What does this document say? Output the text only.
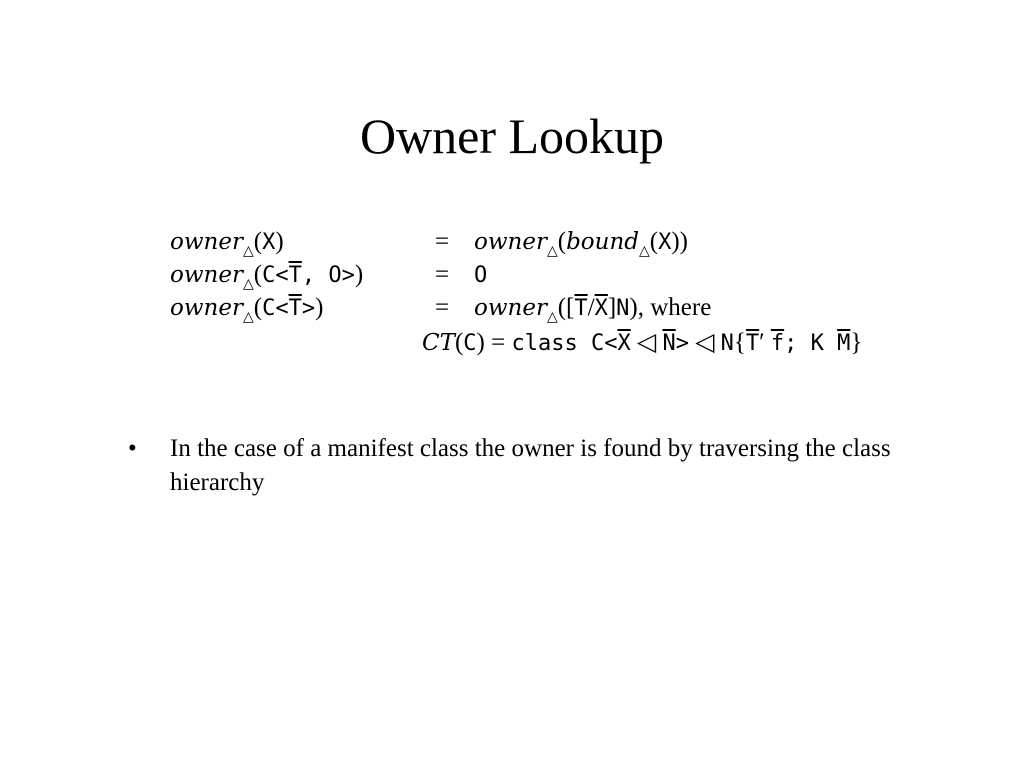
Owner Lookup
owner$_\triangle$(X)	=	owner$_\triangle$(bound$_\triangle$(X))
$owner_\triangle(C<\overline{T}$, O>)	=	O
$owner_\triangle(C<\overline{T}>)$	=	$owner_\triangle([\overline{T}/\overline{X}]N)$, where
CT(C) = class $C<\overline{X}$ ◁ $\overline{N}>$ ◁ $N\{\overline{T}'$ $\overline{f}$; K $\overline{M}$}
•	In the case of a manifest class the owner is found by traversing the class hierarchy
